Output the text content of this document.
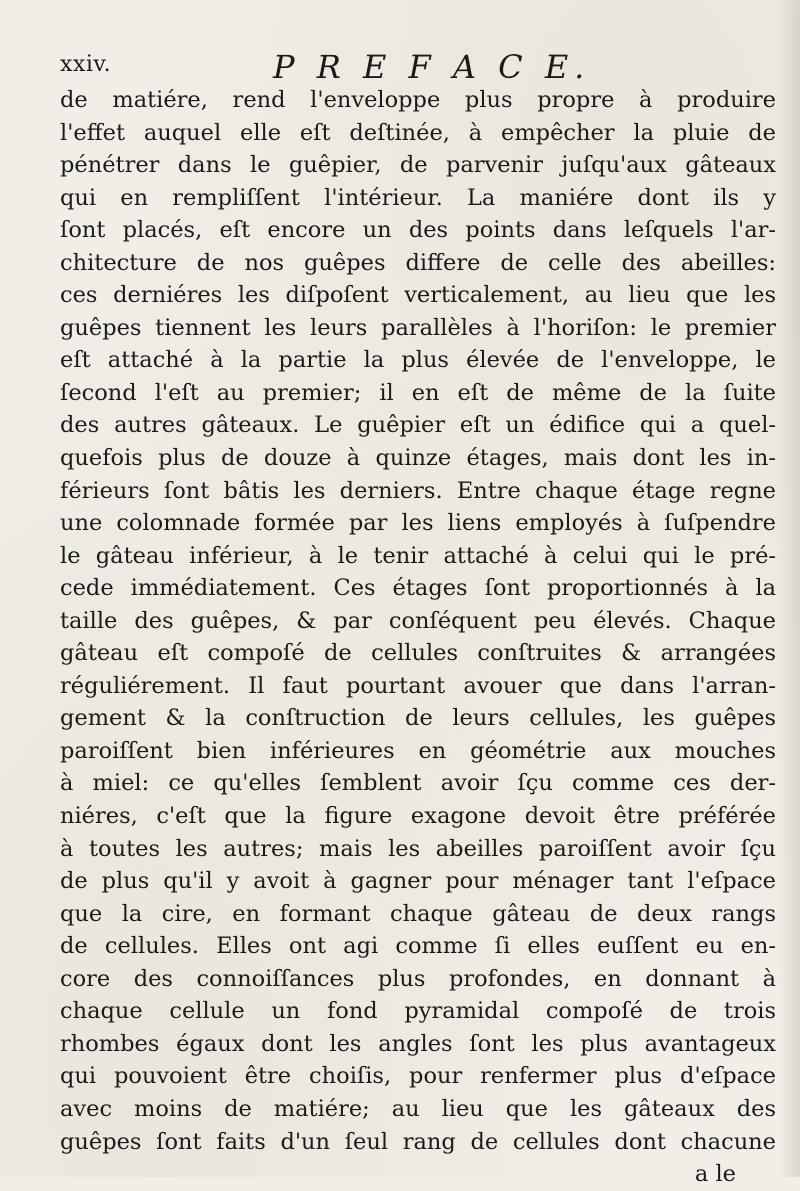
xxiv.	P R E F A C E.
de matiére, rend l'enveloppe plus propre à produire
l'effet auquel elle eſt deſtinée, à empêcher la pluie de
pénétrer dans le guêpier, de parvenir juſqu'aux gâteaux
qui en rempliſſent l'intérieur. La maniére dont ils y
ſont placés, eſt encore un des points dans leſquels l'ar-
chitecture de nos guêpes differe de celle des abeilles:
ces derniéres les diſpoſent verticalement, au lieu que les
guêpes tiennent les leurs parallèles à l'horiſon: le premier
eſt attaché à la partie la plus élevée de l'enveloppe, le
ſecond l'eſt au premier; il en eſt de même de la ſuite
des autres gâteaux. Le guêpier eſt un édifice qui a quel-
quefois plus de douze à quinze étages, mais dont les in-
férieurs ſont bâtis les derniers. Entre chaque étage regne
une colomnade formée par les liens employés à ſuſpendre
le gâteau inférieur, à le tenir attaché à celui qui le pré-
cede immédiatement. Ces étages ſont proportionnés à la
taille des guêpes, & par conſéquent peu élevés. Chaque
gâteau eſt compoſé de cellules conſtruites & arrangées
réguliérement. Il faut pourtant avouer que dans l'arran-
gement & la conſtruction de leurs cellules, les guêpes
paroiſſent bien inférieures en géométrie aux mouches
à miel: ce qu'elles ſemblent avoir ſçu comme ces der-
niéres, c'eſt que la figure exagone devoit être préférée
à toutes les autres; mais les abeilles paroiſſent avoir ſçu
de plus qu'il y avoit à gagner pour ménager tant l'eſpace
que la cire, en formant chaque gâteau de deux rangs
de cellules. Elles ont agi comme ſi elles euſſent eu en-
core des connoiſſances plus profondes, en donnant à
chaque cellule un fond pyramidal compoſé de trois
rhombes égaux dont les angles ſont les plus avantageux
qui pouvoient être choiſis, pour renfermer plus d'eſpace
avec moins de matiére; au lieu que les gâteaux des
guêpes ſont faits d'un ſeul rang de cellules dont chacune
a le
